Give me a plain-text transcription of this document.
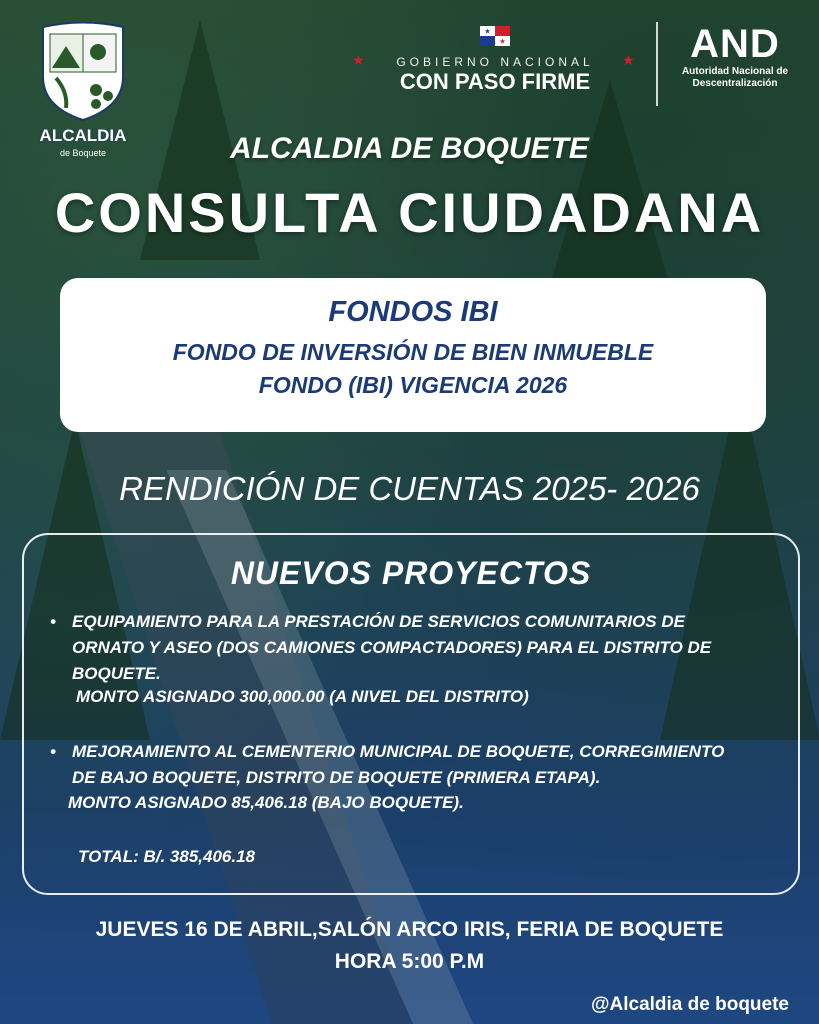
ALCALDIA
de Boquete
★
★
GOBIERNO NACIONAL
CON PASO FIRME
★	★	AND
Autoridad Nacional de
Descentralización
ALCALDIA DE BOQUETE
CONSULTA CIUDADANA
FONDOS IBI
FONDO DE INVERSIÓN DE BIEN INMUEBLE
FONDO (IBI) VIGENCIA 2026
RENDICIÓN DE CUENTAS 2025- 2026
NUEVOS PROYECTOS
• EQUIPAMIENTO PARA LA PRESTACIÓN DE SERVICIOS COMUNITARIOS DE
ORNATO Y ASEO (DOS CAMIONES COMPACTADORES) PARA EL DISTRITO DE
BOQUETE.
MONTO ASIGNADO 300,000.00 (A NIVEL DEL DISTRITO)
• MEJORAMIENTO AL CEMENTERIO MUNICIPAL DE BOQUETE, CORREGIMIENTO
DE BAJO BOQUETE, DISTRITO DE BOQUETE (PRIMERA ETAPA).
MONTO ASIGNADO 85,406.18 (BAJO BOQUETE).
TOTAL: B/. 385,406.18
JUEVES 16 DE ABRIL,SALÓN ARCO IRIS, FERIA DE BOQUETE
HORA 5:00 P.M
@Alcaldia de boquete
